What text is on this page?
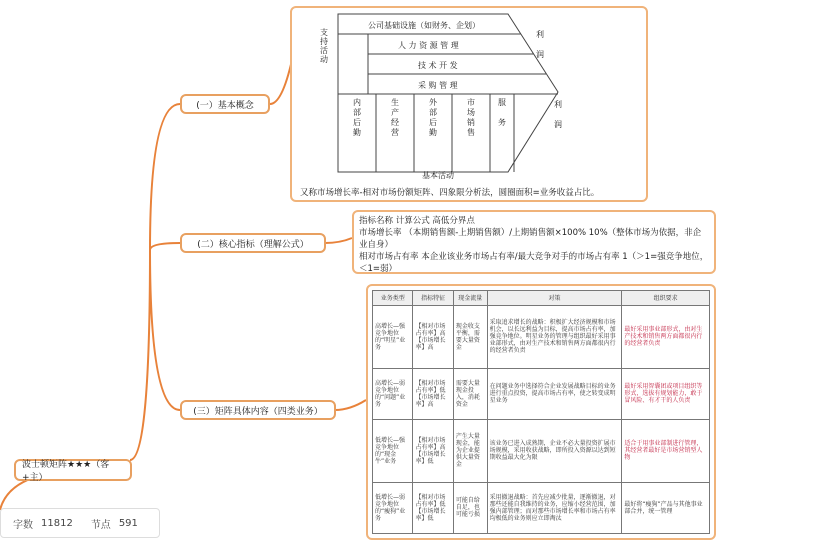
波士顿矩阵★★★（客+主）
字数 11812 节点 591
(一）基本概念
(二）核心指标（理解公式）
(三）矩阵具体内容（四类业务）
公司基础设施（如财务、企划）
人 力 资 源 管 理
技 术 开 发
采 购 管 理
支
持
活
动
内
部
后
勤
生
产
经
营
外
部
后
勤
市
场
销
售
服

务
利

润
利

润
基本活动
又称市场增长率-相对市场份额矩阵、四象限分析法，圆圈面积=业务收益占比。
指标名称 计算公式 高低分界点
市场增长率 （本期销售额-上期销售额）/上期销售额×100% 10%（整体市场为依据，非企业自身）
相对市场占有率 本企业该业务市场占有率/最大竞争对手的市场占有率 1（＞1=强竞争地位，＜1=弱）
业务类型	指标特征	现金流量	对策	组织要求
高增长—强竞争地位的“明星”业务	【相对市场占有率】高【市场增长率】高	现金收支平衡，需要大量资金	采取追求增长的战略：积极扩大经济规模和市场机会，以长远利益为目标，提高市场占有率，加强竞争地位。明星业务的管理与组织最好采用事业部形式，由对生产技术和销售两方面都很内行的经营者负责	最好采用事业部形式，由对生产技术和销售两方面都很内行的经营者负责
高增长—弱竞争地位的“问题”业务	【相对市场占有率】低【市场增长率】高	需要大量现金投入，消耗资金	在问题业务中选择符合企业发展战略目标的业务进行重点投资，提高市场占有率，使之转变成明星业务	最好采用智囊团或项目组织等形式，选拔有规划能力，敢于冒风险、有才干的人负责
低增长—强竞争地位的“现金牛”业务	【相对市场占有率】高【市场增长率】低	产生大量现金，能为企业提供大量资金	该业务已进入成熟期，企业不必大量投资扩展市场规模，采用收获战略，即所投入资源以达到短期收益最大化为限	适合于用事业部制进行管理，其经营者最好是市场营销型人物
低增长—弱竞争地位的“瘦狗”业务	【相对市场占有率】低【市场增长率】低	可能自给自足，也可能亏损	采用撤退战略：首先应减少批量，逐渐撤退，对那些还能自我维持的业务，应缩小经营范围，加强内部管理；而对那些市场增长率和市场占有率均极低的业务则应立即淘汰	最好将“瘦狗”产品与其他事业部合并，统一管理
